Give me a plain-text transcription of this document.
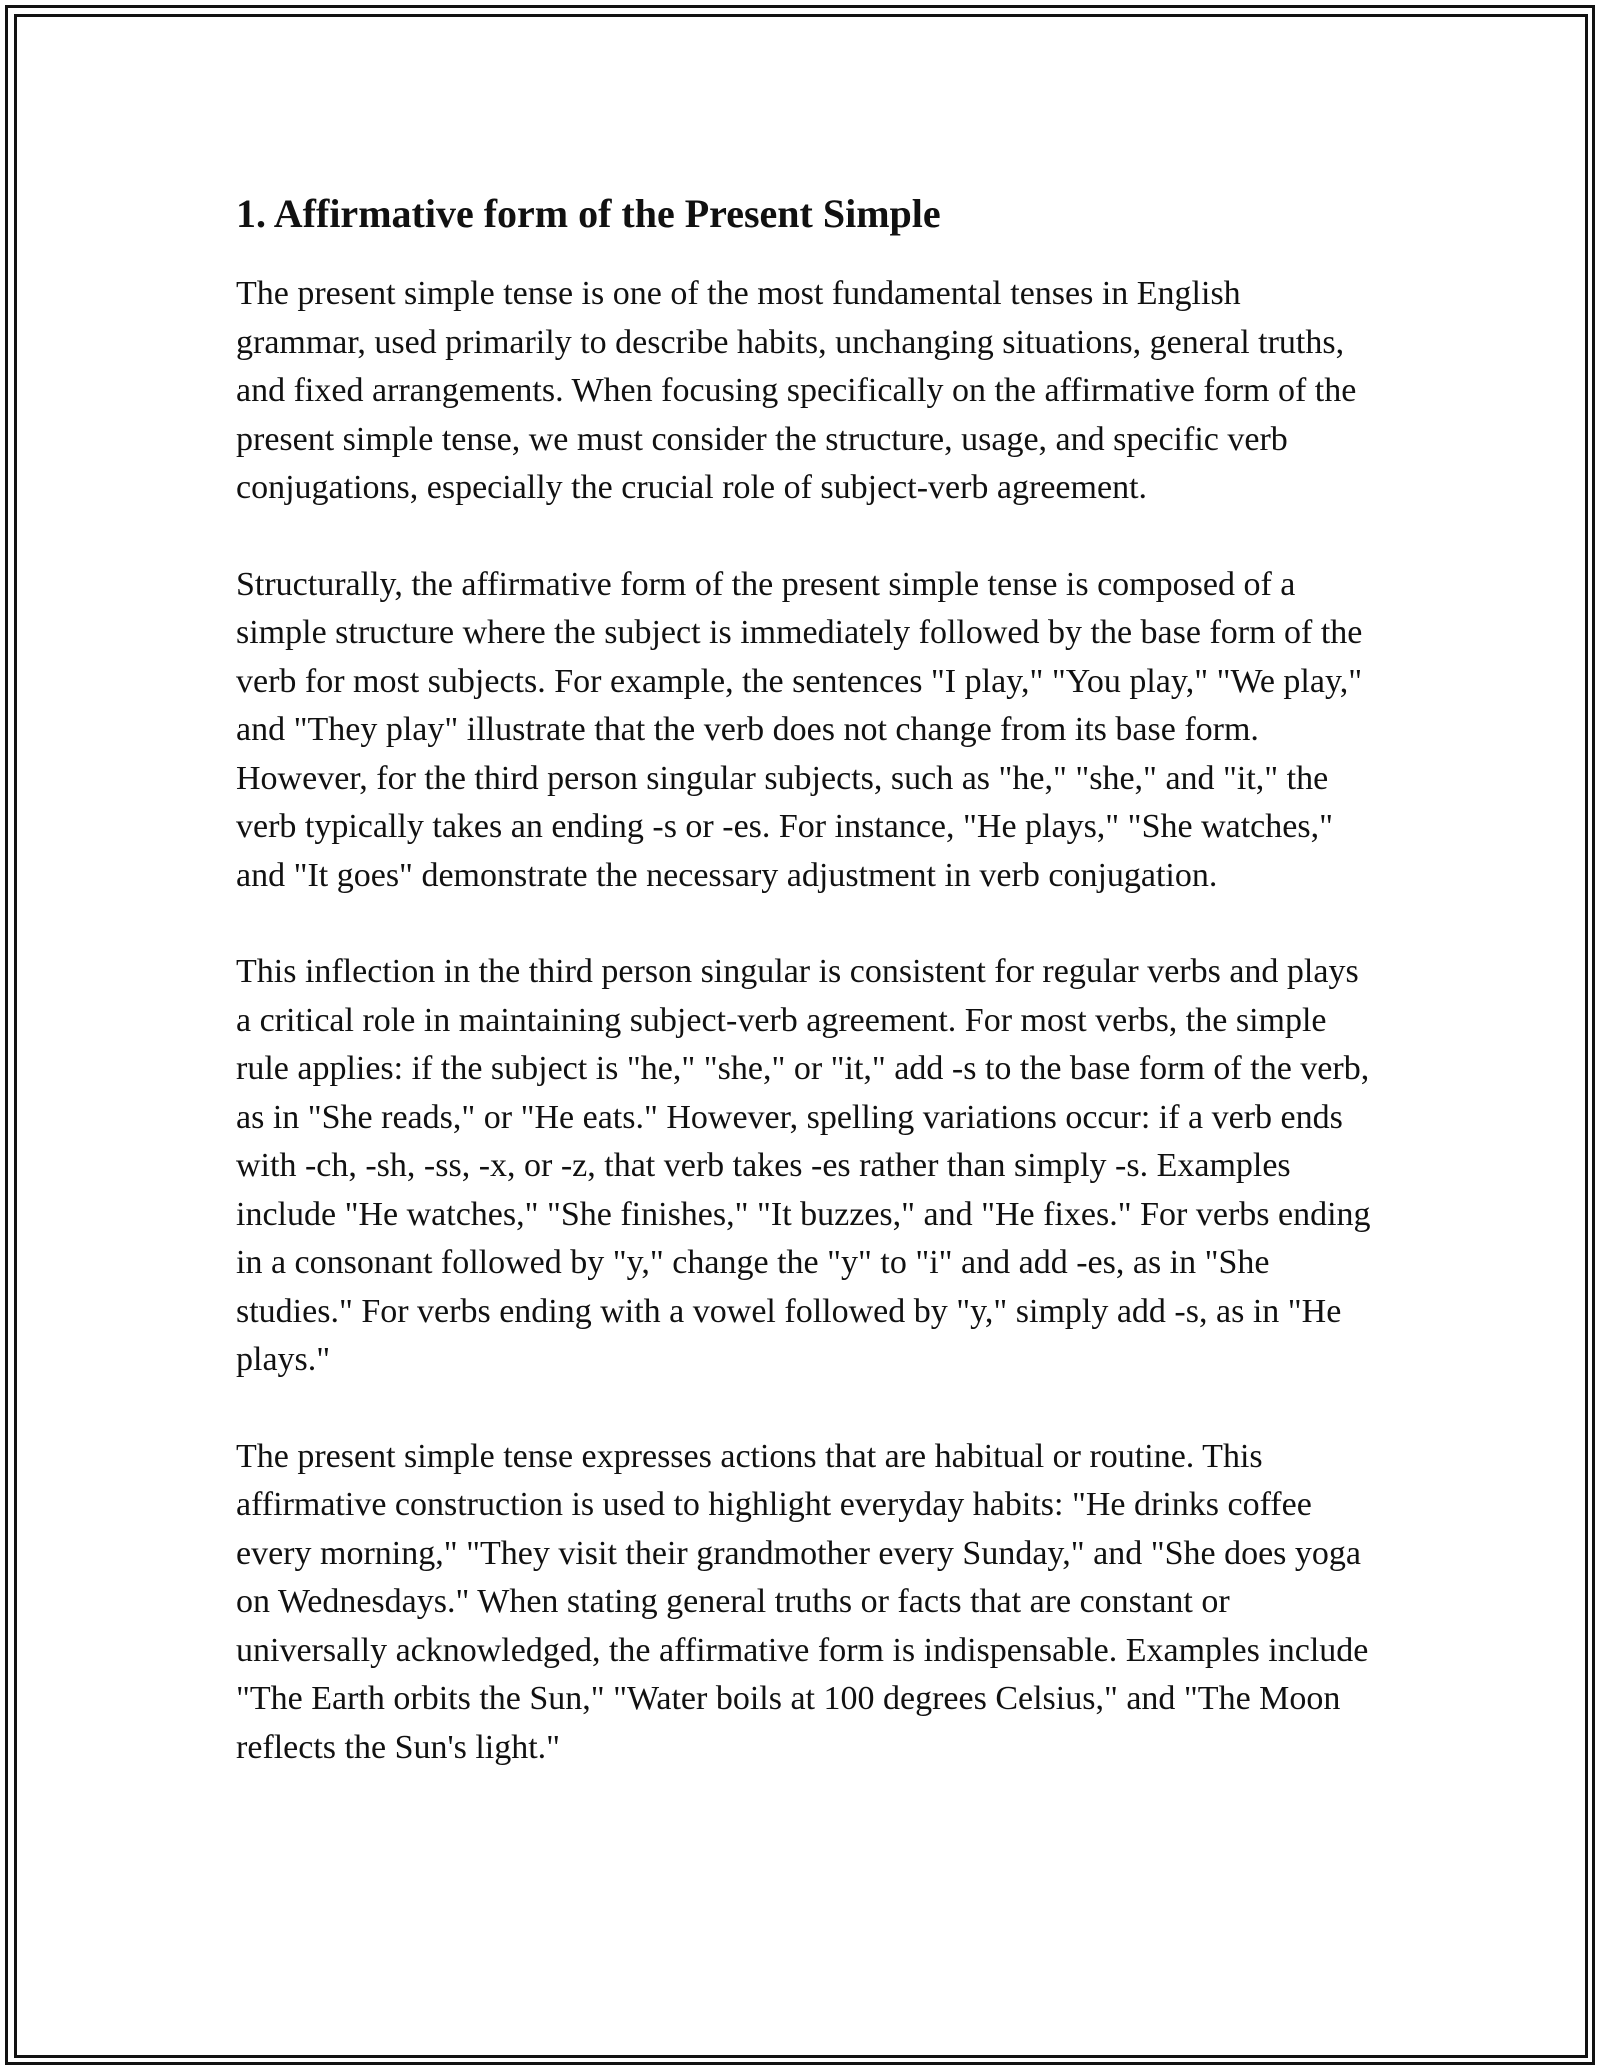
1. Affirmative form of the Present Simple

The present simple tense is one of the most fundamental tenses in English grammar, used primarily to describe habits, unchanging situations, general truths, and fixed arrangements. When focusing specifically on the affirmative form of the present simple tense, we must consider the structure, usage, and specific verb conjugations, especially the crucial role of subject-verb agreement.

Structurally, the affirmative form of the present simple tense is composed of a simple structure where the subject is immediately followed by the base form of the verb for most subjects. For example, the sentences "I play," "You play," "We play," and "They play" illustrate that the verb does not change from its base form. However, for the third person singular subjects, such as "he," "she," and "it," the verb typically takes an ending -s or -es. For instance, "He plays," "She watches," and "It goes" demonstrate the necessary adjustment in verb conjugation.

This inflection in the third person singular is consistent for regular verbs and plays a critical role in maintaining subject-verb agreement. For most verbs, the simple rule applies: if the subject is "he," "she," or "it," add -s to the base form of the verb, as in "She reads," or "He eats." However, spelling variations occur: if a verb ends with -ch, -sh, -ss, -x, or -z, that verb takes -es rather than simply -s. Examples include "He watches," "She finishes," "It buzzes," and "He fixes." For verbs ending in a consonant followed by "y," change the "y" to "i" and add -es, as in "She studies." For verbs ending with a vowel followed by "y," simply add -s, as in "He plays."

The present simple tense expresses actions that are habitual or routine. This affirmative construction is used to highlight everyday habits: "He drinks coffee every morning," "They visit their grandmother every Sunday," and "She does yoga on Wednesdays." When stating general truths or facts that are constant or universally acknowledged, the affirmative form is indispensable. Examples include "The Earth orbits the Sun," "Water boils at 100 degrees Celsius," and "The Moon reflects the Sun's light."
